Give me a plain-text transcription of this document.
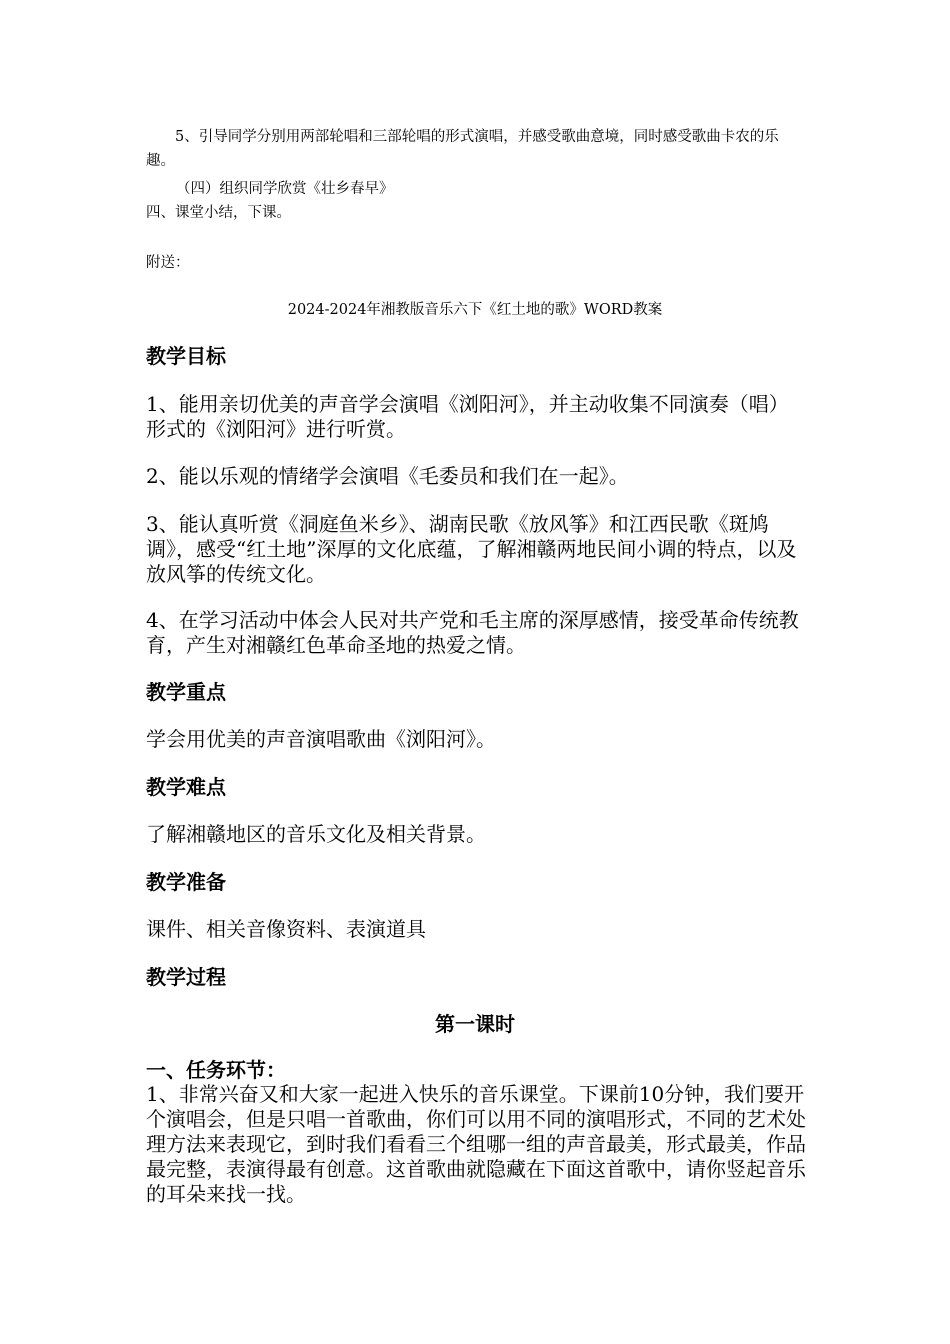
5、引导同学分别用两部轮唱和三部轮唱的形式演唱，并感受歌曲意境，同时感受歌曲卡农的乐趣。

（四）组织同学欣赏《壮乡春早》

四、课堂小结，下课。

附送：

2024-2024年湘教版音乐六下《红土地的歌》WORD教案

教学目标

1、能用亲切优美的声音学会演唱《浏阳河》，并主动收集不同演奏（唱）形式的《浏阳河》进行听赏。

2、能以乐观的情绪学会演唱《毛委员和我们在一起》。

3、能认真听赏《洞庭鱼米乡》、湖南民歌《放风筝》和江西民歌《斑鸠调》，感受“红土地”深厚的文化底蕴，了解湘赣两地民间小调的特点，以及放风筝的传统文化。

4、在学习活动中体会人民对共产党和毛主席的深厚感情，接受革命传统教育，产生对湘赣红色革命圣地的热爱之情。

教学重点

学会用优美的声音演唱歌曲《浏阳河》。

教学难点

了解湘赣地区的音乐文化及相关背景。

教学准备

课件、相关音像资料、表演道具

教学过程

第一课时

一、任务环节：

1、非常兴奋又和大家一起进入快乐的音乐课堂。下课前10分钟，我们要开个演唱会，但是只唱一首歌曲，你们可以用不同的演唱形式，不同的艺术处理方法来表现它，到时我们看看三个组哪一组的声音最美，形式最美，作品最完整，表演得最有创意。这首歌曲就隐藏在下面这首歌中，请你竖起音乐的耳朵来找一找。
